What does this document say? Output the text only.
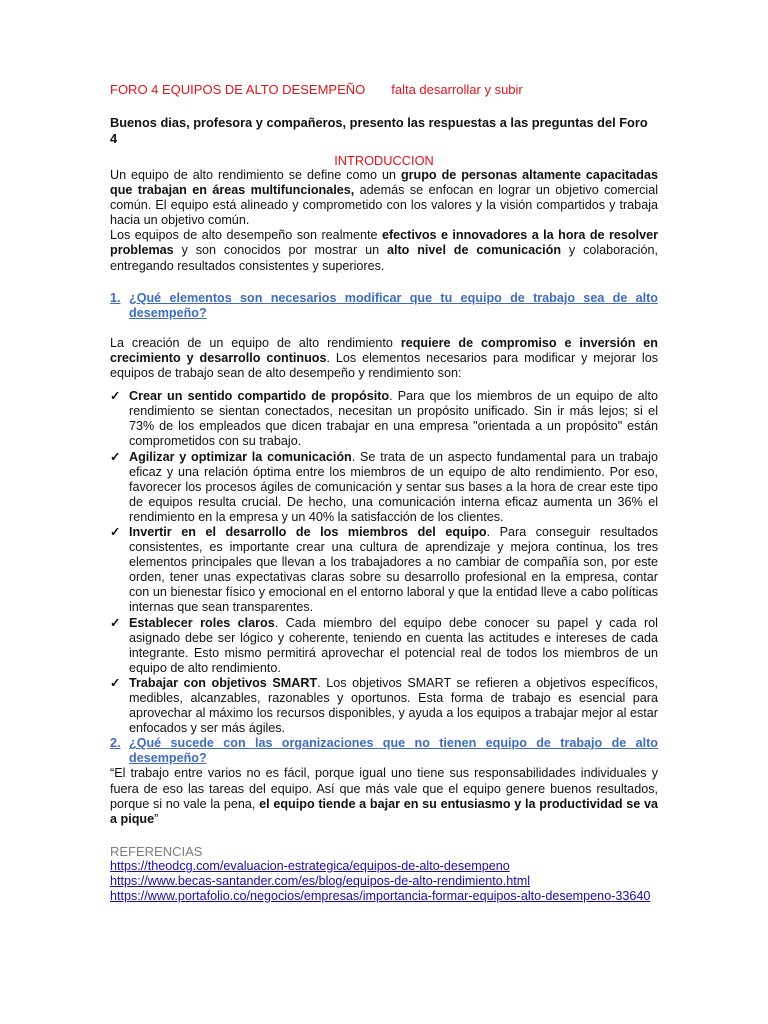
FORO 4 EQUIPOS DE ALTO DESEMPEÑO falta desarrollar y subir
Buenos dias, profesora y compañeros, presento las respuestas a las preguntas del Foro 4
INTRODUCCION

Un equipo de alto rendimiento se define como un grupo de personas altamente capacitadas que trabajan en áreas multifuncionales, además se enfocan en lograr un objetivo comercial común. El equipo está alineado y comprometido con los valores y la visión compartidos y trabaja hacia un objetivo común.

Los equipos de alto desempeño son realmente efectivos e innovadores a la hora de resolver problemas y son conocidos por mostrar un alto nivel de comunicación y colaboración, entregando resultados consistentes y superiores.

1. ¿Qué elementos son necesarios modificar que tu equipo de trabajo sea de alto desempeño?

La creación de un equipo de alto rendimiento requiere de compromiso e inversión en crecimiento y desarrollo continuos. Los elementos necesarios para modificar y mejorar los equipos de trabajo sean de alto desempeño y rendimiento son:

✓ Crear un sentido compartido de propósito. Para que los miembros de un equipo de alto rendimiento se sientan conectados, necesitan un propósito unificado. Sin ir más lejos; si el 73% de los empleados que dicen trabajar en una empresa "orientada a un propósito" están comprometidos con su trabajo.
✓ Agilizar y optimizar la comunicación. Se trata de un aspecto fundamental para un trabajo eficaz y una relación óptima entre los miembros de un equipo de alto rendimiento. Por eso, favorecer los procesos ágiles de comunicación y sentar sus bases a la hora de crear este tipo de equipos resulta crucial. De hecho, una comunicación interna eficaz aumenta un 36% el rendimiento en la empresa y un 40% la satisfacción de los clientes.
✓ Invertir en el desarrollo de los miembros del equipo. Para conseguir resultados consistentes, es importante crear una cultura de aprendizaje y mejora continua, los tres elementos principales que llevan a los trabajadores a no cambiar de compañía son, por este orden, tener unas expectativas claras sobre su desarrollo profesional en la empresa, contar con un bienestar físico y emocional en el entorno laboral y que la entidad lleve a cabo políticas internas que sean transparentes.
✓ Establecer roles claros. Cada miembro del equipo debe conocer su papel y cada rol asignado debe ser lógico y coherente, teniendo en cuenta las actitudes e intereses de cada integrante. Esto mismo permitirá aprovechar el potencial real de todos los miembros de un equipo de alto rendimiento.
✓ Trabajar con objetivos SMART. Los objetivos SMART se refieren a objetivos específicos, medibles, alcanzables, razonables y oportunos. Esta forma de trabajo es esencial para aprovechar al máximo los recursos disponibles, y ayuda a los equipos a trabajar mejor al estar enfocados y ser más ágiles.
2. ¿Qué sucede con las organizaciones que no tienen equipo de trabajo de alto desempeño?

“El trabajo entre varios no es fácil, porque igual uno tiene sus responsabilidades individuales y fuera de eso las tareas del equipo. Así que más vale que el equipo genere buenos resultados, porque si no vale la pena, el equipo tiende a bajar en su entusiasmo y la productividad se va a pique”

REFERENCIAS
https://theodcg.com/evaluacion-estrategica/equipos-de-alto-desempeno
https://www.becas-santander.com/es/blog/equipos-de-alto-rendimiento.html
https://www.portafolio.co/negocios/empresas/importancia-formar-equipos-alto-desempeno-33640
